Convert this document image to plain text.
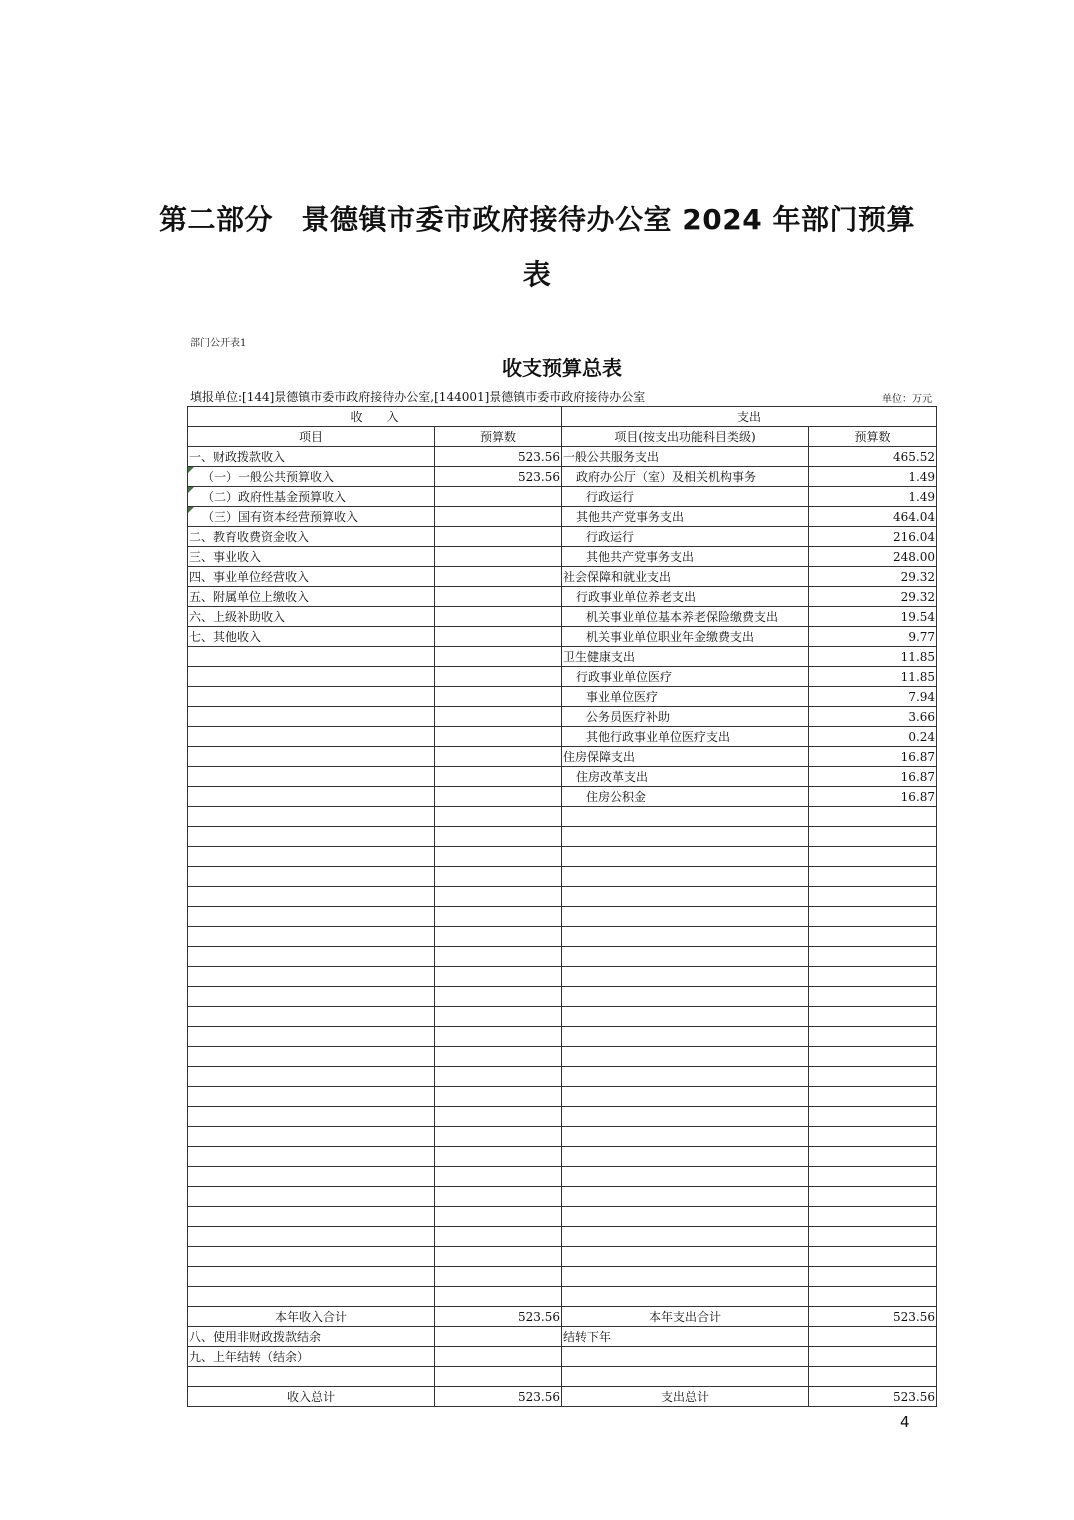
第二部分　景德镇市委市政府接待办公室 2024 年部门预算
表
部门公开表1
收支预算总表
填报单位:[144]景德镇市委市政府接待办公室,[144001]景德镇市委市政府接待办公室	单位：万元
收　　入		支出	
项目	预算数	项目(按支出功能科目类级)	预算数
一、财政拨款收入	523.56	一般公共服务支出	465.52
（一）一般公共预算收入	523.56	政府办公厅（室）及相关机构事务	1.49
（二）政府性基金预算收入		行政运行	1.49
（三）国有资本经营预算收入		其他共产党事务支出	464.04
二、教育收费资金收入		行政运行	216.04
三、事业收入		其他共产党事务支出	248.00
四、事业单位经营收入		社会保障和就业支出	29.32
五、附属单位上缴收入		行政事业单位养老支出	29.32
六、上级补助收入		机关事业单位基本养老保险缴费支出	19.54
七、其他收入		机关事业单位职业年金缴费支出	9.77
		卫生健康支出	11.85
		行政事业单位医疗	11.85
		事业单位医疗	7.94
		公务员医疗补助	3.66
		其他行政事业单位医疗支出	0.24
		住房保障支出	16.87
		住房改革支出	16.87
		住房公积金	16.87

本年收入合计	523.56	本年支出合计	523.56
八、使用非财政拨款结余		结转下年	
九、上年结转（结余）			

收入总计	523.56	支出总计	523.56
4
